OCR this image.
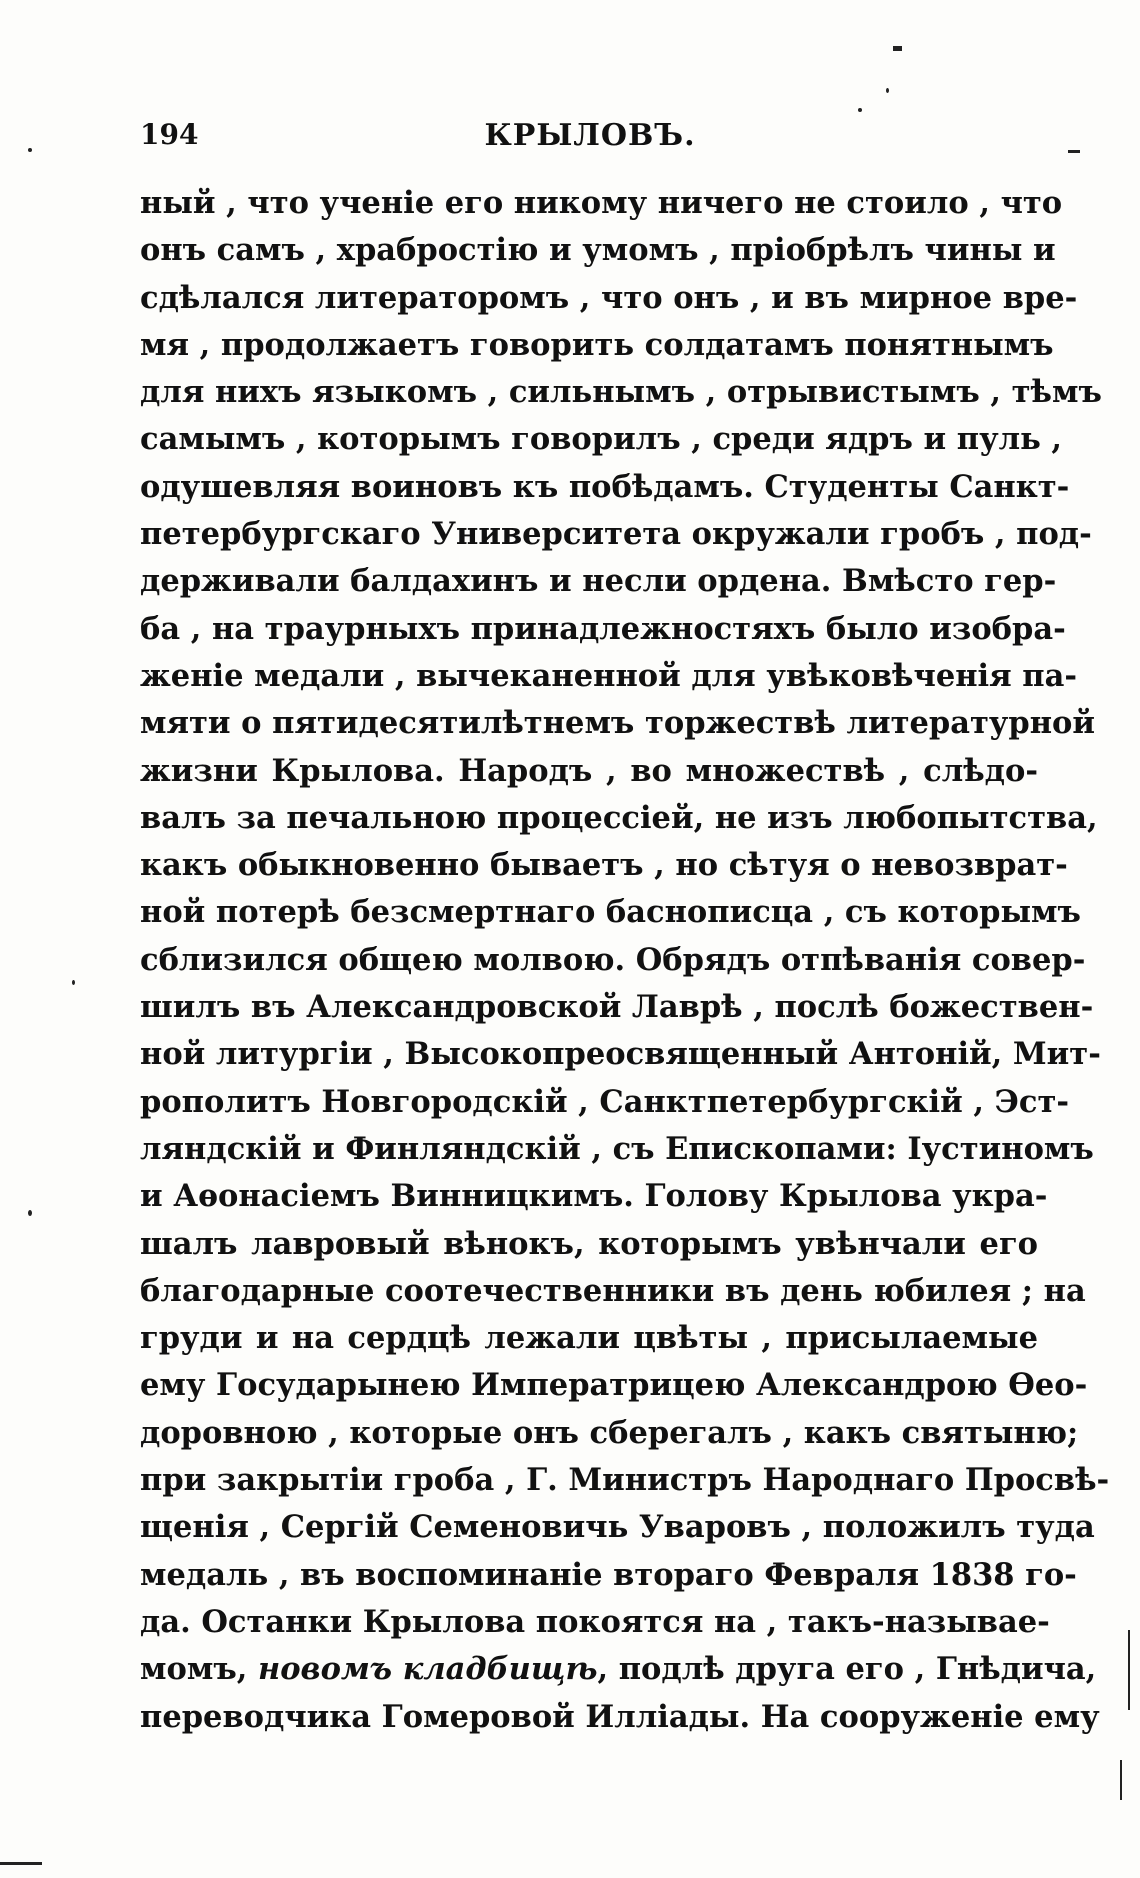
194	КРЫЛОВЪ.
ный , что ученіе его никому ничего не стоило , что
онъ самъ , храбростію и умомъ , пріобрѣлъ чины и
сдѣлался литераторомъ , что онъ , и въ мирное вре-
мя , продолжаетъ говорить солдатамъ понятнымъ
для нихъ языкомъ , сильнымъ , отрывистымъ , тѣмъ
самымъ , которымъ говорилъ , среди ядръ и пуль ,
одушевляя воиновъ къ побѣдамъ. Студенты Санкт-
петербургскаго Университета окружали гробъ , под-
держивали балдахинъ и несли ордена. Вмѣсто гер-
ба , на траурныхъ принадлежностяхъ было изобра-
женіе медали , вычеканенной для увѣковѣченія па-
мяти о пятидесятилѣтнемъ торжествѣ литературной
жизни Крылова. Народъ , во множествѣ , слѣдо-
валъ за печальною процессіей, не изъ любопытства,
какъ обыкновенно бываетъ , но сѣтуя о невозврат-
ной потерѣ безсмертнаго баснописца , съ которымъ
сблизился общею молвою. Обрядъ отпѣванія совер-
шилъ въ Александровской Лаврѣ , послѣ божествен-
ной литургіи , Высокопреосвященный Антоній, Мит-
рополитъ Новгородскій , Санктпетербургскій , Эст-
ляндскій и Финляндскій , съ Епископами: Іустиномъ
и Аѳонасіемъ Винницкимъ. Голову Крылова укра-
шалъ лавровый вѣнокъ, которымъ увѣнчали его
благодарные соотечественники въ день юбилея ; на
груди и на сердцѣ лежали цвѣты , присылаемые
ему Государынею Императрицею Александрою Ѳео-
доровною , которые онъ сберегалъ , какъ святыню;
при закрытіи гроба , Г. Министръ Народнаго Просвѣ-
щенія , Сергій Семеновичь Уваровъ , положилъ туда
медаль , въ воспоминаніе втораго Февраля 1838 го-
да. Останки Крылова покоятся на , такъ-называе-
момъ, новомъ кладбищѣ, подлѣ друга его , Гнѣдича,
переводчика Гомеровой Илліады. На сооруженіе ему
